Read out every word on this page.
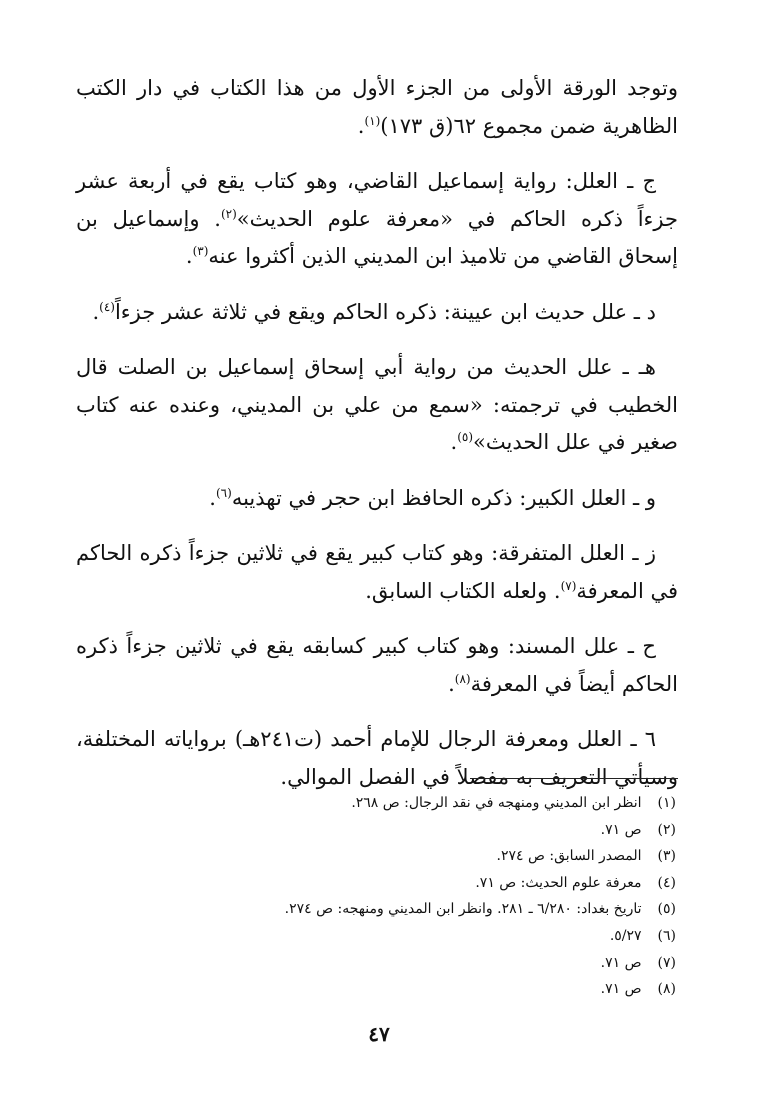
وتوجد الورقة الأولى من الجزء الأول من هذا الكتاب في دار الكتب الظاهرية ضمن مجموع ٦٢(ق ١٧٣)$^{(١)}$.

ج ـ العلل: رواية إسماعيل القاضي، وهو كتاب يقع في أربعة عشر جزءاً ذكره الحاكم في «معرفة علوم الحديث»$^{(٢)}$. وإسماعيل بن إسحاق القاضي من تلاميذ ابن المديني الذين أكثروا عنه$^{(٣)}$.

د ـ علل حديث ابن عيينة: ذكره الحاكم ويقع في ثلاثة عشر جزءاً$^{(٤)}$.

هـ ـ علل الحديث من رواية أبي إسحاق إسماعيل بن الصلت قال الخطيب في ترجمته: «سمع من علي بن المديني، وعنده عنه كتاب صغير في علل الحديث»$^{(٥)}$.

و ـ العلل الكبير: ذكره الحافظ ابن حجر في تهذيبه$^{(٦)}$.

ز ـ العلل المتفرقة: وهو كتاب كبير يقع في ثلاثين جزءاً ذكره الحاكم في المعرفة$^{(٧)}$. ولعله الكتاب السابق.

ح ـ علل المسند: وهو كتاب كبير كسابقه يقع في ثلاثين جزءاً ذكره الحاكم أيضاً في المعرفة$^{(٨)}$.

٦ ـ العلل ومعرفة الرجال للإمام أحمد (ت٢٤١هـ) برواياته المختلفة، وسيأتي التعريف به مفصلاً في الفصل الموالي.

(١) انظر ابن المديني ومنهجه في نقد الرجال: ص ٢٦٨.
(٢) ص ٧١.
(٣) المصدر السابق: ص ٢٧٤.
(٤) معرفة علوم الحديث: ص ٧١.
(٥) تاريخ بغداد: ٦/٢٨٠ ـ ٢٨١. وانظر ابن المديني ومنهجه: ص ٢٧٤.
(٦) ٥/٢٧.
(٧) ص ٧١.
(٨) ص ٧١.
٤٧
